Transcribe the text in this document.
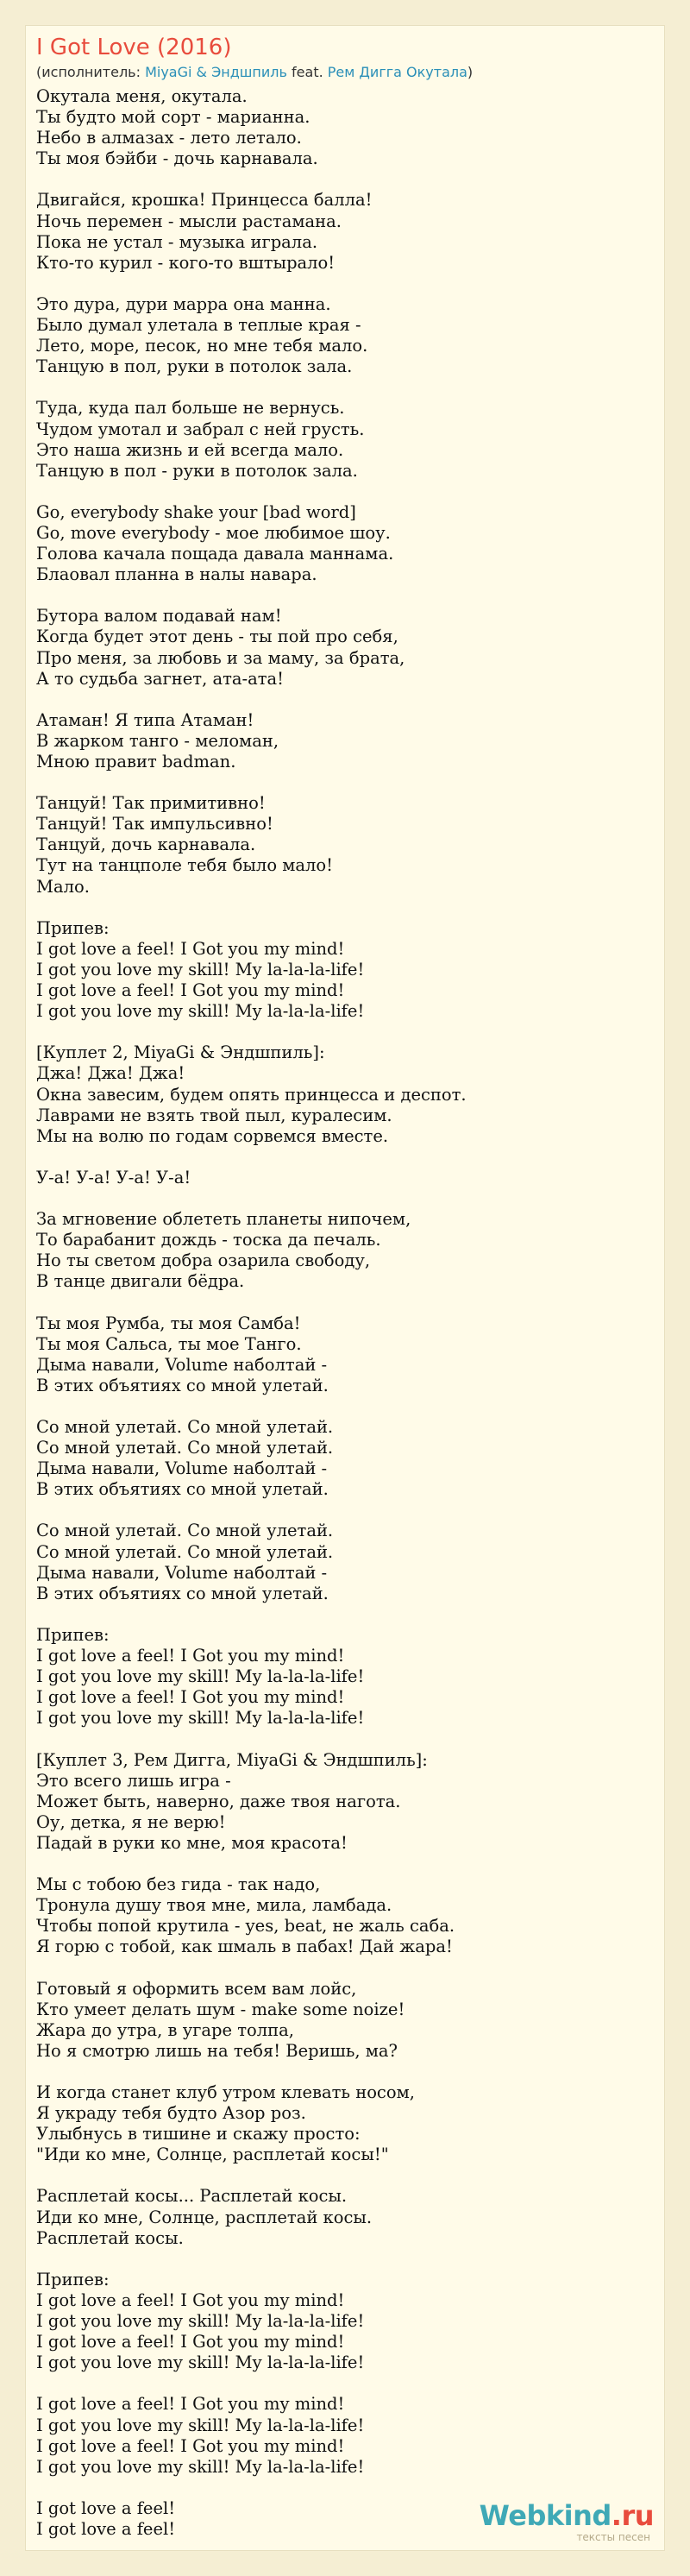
I Got Love (2016)
(исполнитель: MiyaGi & Эндшпиль feat. Рем Дигга Окутала)
Окутала меня, окутала.
Ты будто мой сорт - марианна.
Небо в алмазах - лето летало.
Ты моя бэйби - дочь карнавала.
Двигайся, крошка! Принцесса балла!
Ночь перемен - мысли растамана.
Пока не устал - музыка играла.
Кто-то курил - кого-то вштырало!
Это дура, дури марра она манна.
Было думал улетала в теплые края -
Лето, море, песок, но мне тебя мало.
Танцую в пол, руки в потолок зала.
Туда, куда пал больше не вернусь.
Чудом умотал и забрал с ней грусть.
Это наша жизнь и ей всегда мало.
Танцую в пол - руки в потолок зала.
Go, everybody shake your [bad word]
Go, move everybody - мое любимое шоу.
Голова качала пощада давала маннама.
Блаовал планна в налы навара.
Бутора валом подавай нам!
Когда будет этот день - ты пой про себя,
Про меня, за любовь и за маму, за брата,
А то судьба загнет, ата-ата!
Атаман! Я типа Атаман!
В жарком танго - меломан,
Мною правит badman.
Танцуй! Так примитивно!
Танцуй! Так импульсивно!
Танцуй, дочь карнавала.
Тут на танцполе тебя было мало!
Мало.
Припев:
I got love a feel! I Got you my mind!
I got you love my skill! My la-la-la-life!
I got love a feel! I Got you my mind!
I got you love my skill! My la-la-la-life!
[Куплет 2, MiyaGi & Эндшпиль]:
Джа! Джа! Джа!
Окна завесим, будем опять принцесса и деспот.
Лаврами не взять твой пыл, куралесим.
Мы на волю по годам сорвемся вместе.
У-а! У-а! У-а! У-а!
За мгновение облететь планеты нипочем,
То барабанит дождь - тоска да печаль.
Но ты светом добра озарила свободу,
В танце двигали бёдра.
Ты моя Румба, ты моя Самба!
Ты моя Сальса, ты мое Танго.
Дыма навали, Volume наболтай -
В этих объятиях со мной улетай.
Со мной улетай. Со мной улетай.
Со мной улетай. Со мной улетай.
Дыма навали, Volume наболтай -
В этих объятиях со мной улетай.
Со мной улетай. Со мной улетай.
Со мной улетай. Со мной улетай.
Дыма навали, Volume наболтай -
В этих объятиях со мной улетай.
Припев:
I got love a feel! I Got you my mind!
I got you love my skill! My la-la-la-life!
I got love a feel! I Got you my mind!
I got you love my skill! My la-la-la-life!
[Куплет 3, Рем Дигга, MiyaGi & Эндшпиль]:
Это всего лишь игра -
Может быть, наверно, даже твоя нагота.
Оу, детка, я не верю!
Падай в руки ко мне, моя красота!
Мы с тобою без гида - так надо,
Тронула душу твоя мне, мила, ламбада.
Чтобы попой крутила - yes, beat, не жаль саба.
Я горю с тобой, как шмаль в пабах! Дай жара!
Готовый я оформить всем вам лойс,
Кто умеет делать шум - make some noize!
Жара до утра, в угаре толпа,
Но я смотрю лишь на тебя! Веришь, ма?
И когда станет клуб утром клевать носом,
Я украду тебя будто Азор роз.
Улыбнусь в тишине и скажу просто:
"Иди ко мне, Солнце, расплетай косы!"
Расплетай косы... Расплетай косы.
Иди ко мне, Солнце, расплетай косы.
Расплетай косы.
Припев:
I got love a feel! I Got you my mind!
I got you love my skill! My la-la-la-life!
I got love a feel! I Got you my mind!
I got you love my skill! My la-la-la-life!
I got love a feel! I Got you my mind!
I got you love my skill! My la-la-la-life!
I got love a feel! I Got you my mind!
I got you love my skill! My la-la-la-life!
I got love a feel!
I got love a feel!	Webkind.ru
тексты песен
